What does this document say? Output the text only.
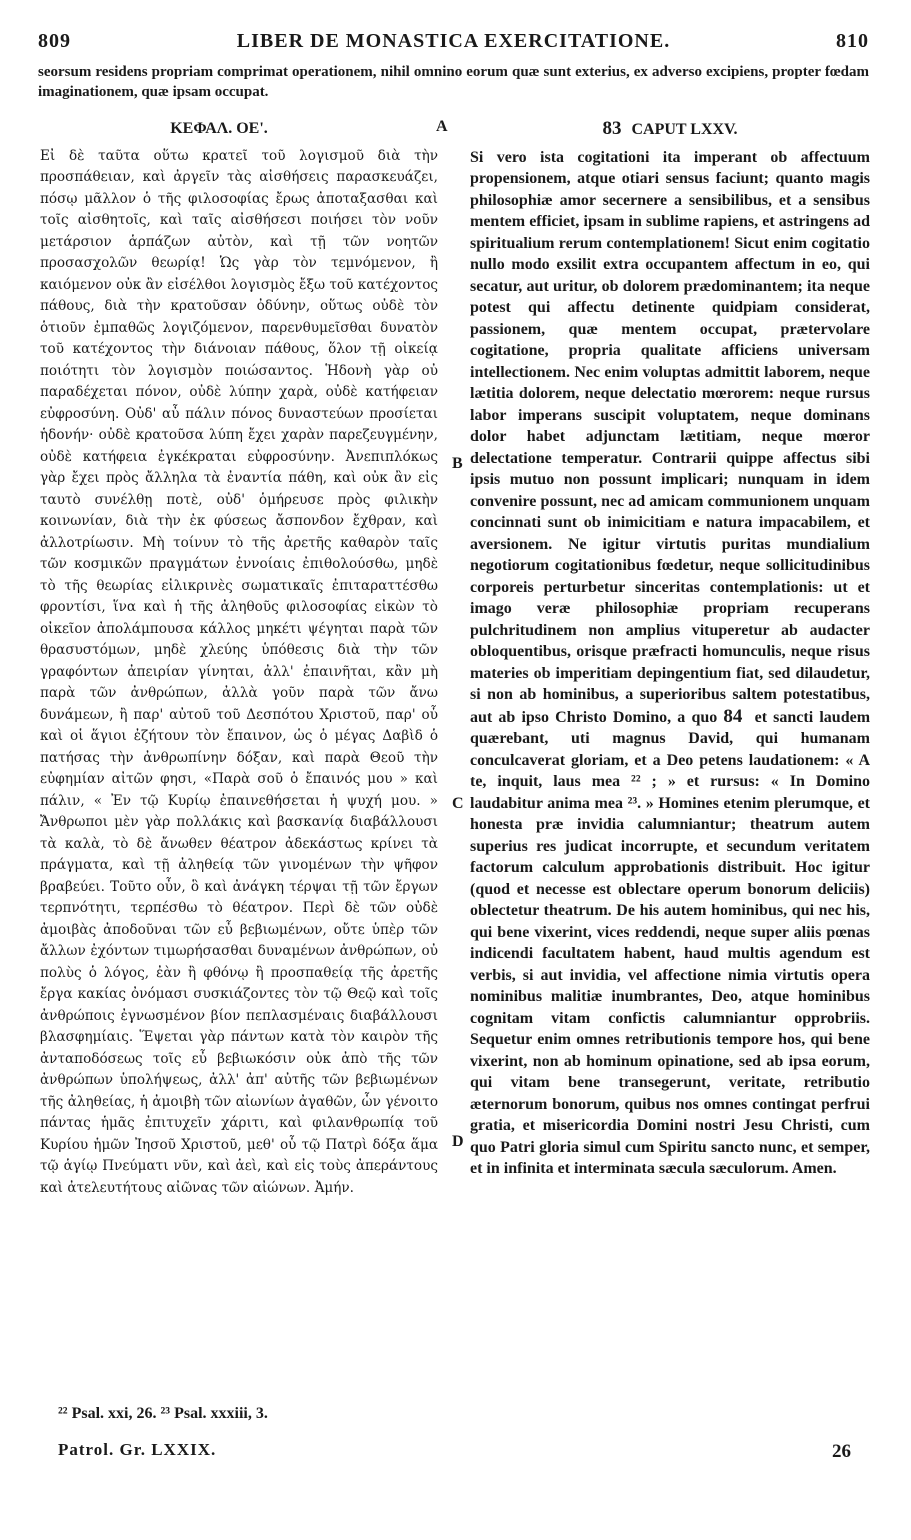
809	LIBER DE MONASTICA EXERCITATIONE.	810
seorsum residens propriam comprimat operationem, nihil omnino eorum quæ sunt exterius, ex adverso excipiens, propter fœdam imaginationem, quæ ipsam occupat.
ΚΕΦΑΛ. ΟΕ'.
Εἰ δὲ ταῦτα οὕτω κρατεῖ τοῦ λογισμοῦ διὰ τὴν προσπάθειαν, καὶ ἀργεῖν τὰς αἰσθήσεις παρασκευάζει, πόσῳ μᾶλλον ὁ τῆς φιλοσοφίας ἔρως ἀποταξασθαι καὶ τοῖς αἰσθητοῖς, καὶ ταῖς αἰσθήσεσι ποιήσει τὸν νοῦν μετάρσιον ἁρπάζων αὐτὸν, καὶ τῇ τῶν νοητῶν προσασχολῶν θεωρίᾳ! Ὡς γὰρ τὸν τεμνόμενον, ἢ καιόμενον οὐκ ἂν εἰσέλθοι λογισμὸς ἔξω τοῦ κατέχοντος πάθους, διὰ τὴν κρατοῦσαν ὀδύνην, οὕτως οὐδὲ τὸν ὁτιοῦν ἐμπαθῶς λογιζόμενον, παρενθυμεῖσθαι δυνατὸν τοῦ κατέχοντος τὴν διάνοιαν πάθους, ὅλον τῇ οἰκείᾳ ποιότητι τὸν λογισμὸν ποιώσαντος. Ἡδονὴ γὰρ οὐ παραδέχεται πόνον, οὐδὲ λύπην χαρὰ, οὐδὲ κατήφειαν εὐφροσύνη. Οὐδ' αὖ πάλιν πόνος δυναστεύων προσίεται ἡδονήν· οὐδὲ κρατοῦσα λύπη ἔχει χαρὰν παρεζευγμένην, οὐδὲ κατήφεια ἐγκέκραται εὐφροσύνην. Ἀνεπιπλόκως γὰρ ἔχει πρὸς ἄλληλα τὰ ἐναντία πάθη, καὶ οὐκ ἂν εἰς ταυτὸ συνέλθῃ ποτὲ, οὐδ' ὁμήρευσε πρὸς φιλικὴν κοινωνίαν, διὰ τὴν ἐκ φύσεως ἄσπονδον ἔχθραν, καὶ ἀλλοτρίωσιν. Μὴ τοίνυν τὸ τῆς ἀρετῆς καθαρὸν ταῖς τῶν κοσμικῶν πραγμάτων ἐννοίαις ἐπιθολούσθω, μηδὲ τὸ τῆς θεωρίας εἰλικρινὲς σωματικαῖς ἐπιταραττέσθω φροντίσι, ἵνα καὶ ἡ τῆς ἀληθοῦς φιλοσοφίας εἰκὼν τὸ οἰκεῖον ἀπολάμπουσα κάλλος μηκέτι ψέγηται παρὰ τῶν θρασυστόμων, μηδὲ χλεύης ὑπόθεσις διὰ τὴν τῶν γραφόντων ἀπειρίαν γίνηται, ἀλλ' ἐπαινῆται, κἂν μὴ παρὰ τῶν ἀνθρώπων, ἀλλὰ γοῦν παρὰ τῶν ἄνω δυνάμεων, ἢ παρ' αὐτοῦ τοῦ Δεσπότου Χριστοῦ, παρ' οὗ καὶ οἱ ἅγιοι ἐζήτουν τὸν ἔπαινον, ὡς ὁ μέγας Δαβὶδ ὁ πατήσας τὴν ἀνθρωπίνην δόξαν, καὶ παρὰ Θεοῦ τὴν εὐφημίαν αἰτῶν φησι, «Παρὰ σοῦ ὁ ἔπαινός μου » καὶ πάλιν, « Ἐν τῷ Κυρίῳ ἐπαινεθήσεται ἡ ψυχή μου. » Ἄνθρωποι μὲν γὰρ πολλάκις καὶ βασκανίᾳ διαβάλλουσι τὰ καλὰ, τὸ δὲ ἄνωθεν θέατρον ἀδεκάστως κρίνει τὰ πράγματα, καὶ τῇ ἀληθείᾳ τῶν γινομένων τὴν ψῆφον βραβεύει. Τοῦτο οὖν, ὃ καὶ ἀνάγκη τέρψαι τῇ τῶν ἔργων τερπνότητι, τερπέσθω τὸ θέατρον. Περὶ δὲ τῶν οὐδὲ ἀμοιβὰς ἀποδοῦναι τῶν εὖ βεβιωμένων, οὔτε ὑπὲρ τῶν ἄλλων ἐχόντων τιμωρήσασθαι δυναμένων ἀνθρώπων, οὐ πολὺς ὁ λόγος, ἐὰν ἢ φθόνῳ ἢ προσπαθείᾳ τῆς ἀρετῆς ἔργα κακίας ὀνόμασι συσκιάζοντες τὸν τῷ Θεῷ καὶ τοῖς ἀνθρώποις ἐγνωσμένον βίον πεπλασμέναις διαβάλλουσι βλασφημίαις. Ἕψεται γὰρ πάντων κατὰ τὸν καιρὸν τῆς ἀνταποδόσεως τοῖς εὖ βεβιωκόσιν οὐκ ἀπὸ τῆς τῶν ἀνθρώπων ὑπολήψεως, ἀλλ' ἀπ' αὐτῆς τῶν βεβιωμένων τῆς ἀληθείας, ἡ ἀμοιβὴ τῶν αἰωνίων ἀγαθῶν, ὧν γένοιτο πάντας ἡμᾶς ἐπιτυχεῖν χάριτι, καὶ φιλανθρωπίᾳ τοῦ Κυρίου ἡμῶν Ἰησοῦ Χριστοῦ, μεθ' οὗ τῷ Πατρὶ δόξα ἅμα τῷ ἁγίῳ Πνεύματι νῦν, καὶ ἀεὶ, καὶ εἰς τοὺς ἀπεράντους καὶ ἀτελευτήτους αἰῶνας τῶν αἰώνων. Ἀμήν.
A
B
C
D
83 CAPUT LXXV.
Si vero ista cogitationi ita imperant ob affectuum propensionem, atque otiari sensus faciunt; quanto magis philosophiæ amor secernere a sensibilibus, et a sensibus mentem efficiet, ipsam in sublime rapiens, et astringens ad spiritualium rerum contemplationem! Sicut enim cogitatio nullo modo exsilit extra occupantem affectum in eo, qui secatur, aut uritur, ob dolorem prædominantem; ita neque potest qui affectu detinente quidpiam considerat, passionem, quæ mentem occupat, prætervolare cogitatione, propria qualitate afficiens universam intellectionem. Nec enim voluptas admittit laborem, neque lætitia dolorem, neque delectatio mœrorem: neque rursus labor imperans suscipit voluptatem, neque dominans dolor habet adjunctam lætitiam, neque mœror delectatione temperatur. Contrarii quippe affectus sibi ipsis mutuo non possunt implicari; nunquam in idem convenire possunt, nec ad amicam communionem unquam concinnati sunt ob inimicitiam e natura impacabilem, et aversionem. Ne igitur virtutis puritas mundialium negotiorum cogitationibus fœdetur, neque sollicitudinibus corporeis perturbetur sinceritas contemplationis: ut et imago veræ philosophiæ propriam recuperans pulchritudinem non amplius vituperetur ab audacter obloquentibus, orisque præfracti homunculis, neque risus materies ob imperitiam depingentium fiat, sed dilaudetur, si non ab hominibus, a superioribus saltem potestatibus, aut ab ipso Christo Domino, a quo 84 et sancti laudem quærebant, uti magnus David, qui humanam conculcaverat gloriam, et a Deo petens laudationem: « A te, inquit, laus mea ²² ; » et rursus: « In Domino laudabitur anima mea ²³. » Homines etenim plerumque, et honesta præ invidia calumniantur; theatrum autem superius res judicat incorrupte, et secundum veritatem factorum calculum approbationis distribuit. Hoc igitur (quod et necesse est oblectare operum bonorum deliciis) oblectetur theatrum. De his autem hominibus, qui nec his, qui bene vixerint, vices reddendi, neque super aliis pœnas indicendi facultatem habent, haud multis agendum est verbis, si aut invidia, vel affectione nimia virtutis opera nominibus malitiæ inumbrantes, Deo, atque hominibus cognitam vitam confictis calumniantur opprobriis. Sequetur enim omnes retributionis tempore hos, qui bene vixerint, non ab hominum opinatione, sed ab ipsa eorum, qui vitam bene transegerunt, veritate, retributio æternorum bonorum, quibus nos omnes contingat perfrui gratia, et misericordia Domini nostri Jesu Christi, cum quo Patri gloria simul cum Spiritu sancto nunc, et semper, et in infinita et interminata sæcula sæculorum. Amen.
²² Psal. xxi, 26. ²³ Psal. xxxiii, 3.
Patrol. Gr. LXXIX.	26
